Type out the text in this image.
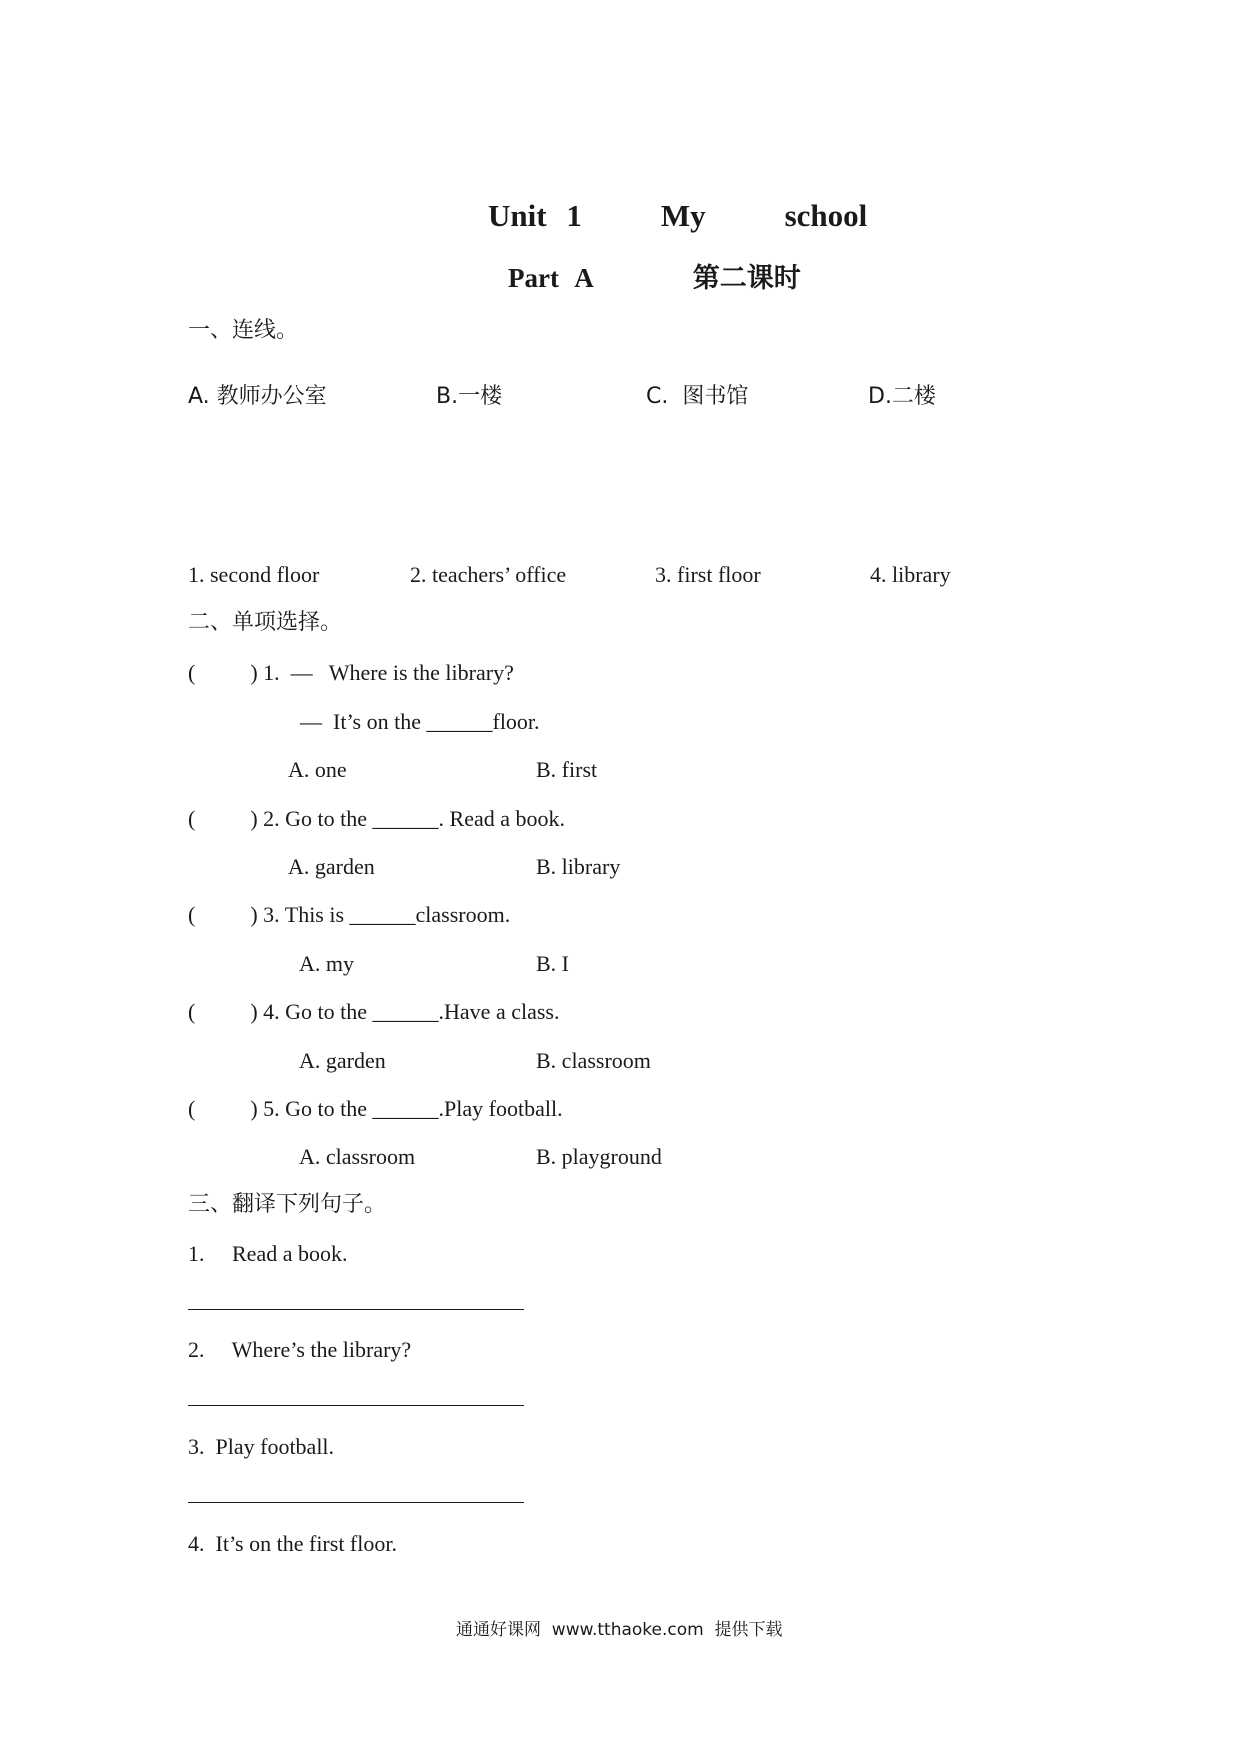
Unit 1    My    school
Part A      第二课时
一、连线。
A. 教师办公室	B.一楼	C.  图书馆	D.二楼
1. second floor	2. teachers’ office	3. first floor	4. library
二、单项选择。
(          ) 1.  —   Where is the library?
—  It’s on the ______floor.
A. one	B. first
(          ) 2. Go to the ______. Read a book.
A. garden	B. library
(          ) 3. This is ______classroom.
A. my	B. I
(          ) 4. Go to the ______.Have a class.
A. garden	B. classroom
(          ) 5. Go to the ______.Play football.
A. classroom	B. playground
三、翻译下列句子。
1.     Read a book.
2.     Where’s the library?
3.  Play football.
4.  It’s on the first floor.
通通好课网  www.tthaoke.com  提供下载
